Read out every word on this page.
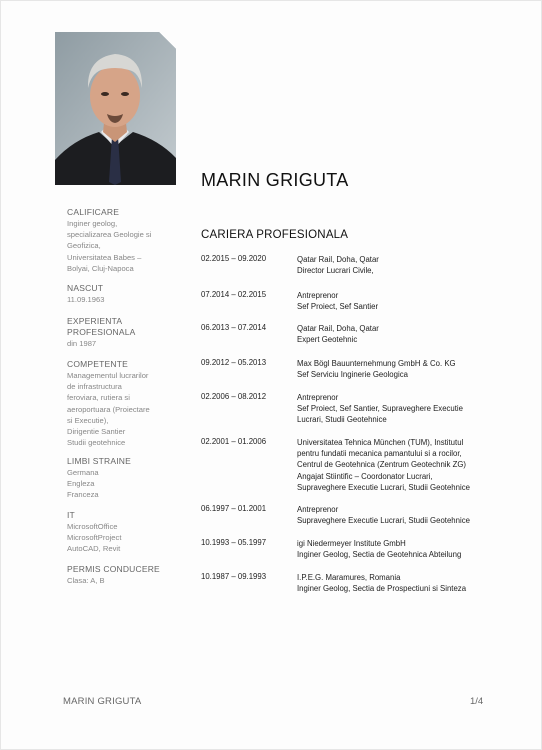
MARIN GRIGUTA
CALIFICARE
Inginer geolog,
specializarea Geologie si
Geofizica,
Universitatea Babes –
Bolyai, Cluj-Napoca
NASCUT
11.09.1963
EXPERIENTA
PROFESIONALA
din 1987
COMPETENTE
Managementul lucrarilor
de infrastructura
feroviara, rutiera si
aeroportuara (Proiectare
si Executie),
Dirigentie Santier
Studii geotehnice
LIMBI STRAINE
Germana
Engleza
Franceza
IT
MicrosoftOffice
MicrosoftProject
AutoCAD, Revit
PERMIS CONDUCERE
Clasa: A, B
CARIERA PROFESIONALA
02.2015 – 09.2020	Qatar Rail, Doha, Qatar
Director Lucrari Civile,
07.2014 – 02.2015	Antreprenor
Sef Proiect, Sef Santier
06.2013 – 07.2014	Qatar Rail, Doha, Qatar
Expert Geotehnic
09.2012 – 05.2013	Max Bögl Bauunternehmung GmbH & Co. KG
Sef Serviciu Inginerie Geologica
02.2006 – 08.2012	Antreprenor
Sef Proiect, Sef Santier, Supraveghere Executie
Lucrari, Studii Geotehnice
02.2001 – 01.2006	Universitatea Tehnica München (TUM), Institutul
pentru fundatii mecanica pamantului si a rocilor,
Centrul de Geotehnica (Zentrum Geotechnik ZG)
Angajat Stiintific – Coordonator Lucrari,
Supraveghere Executie Lucrari, Studii Geotehnice
06.1997 – 01.2001	Antreprenor
Supraveghere Executie Lucrari, Studii Geotehnice
10.1993 – 05.1997	igi Niedermeyer Institute GmbH
Inginer Geolog, Sectia de Geotehnica Abteilung
10.1987 – 09.1993	I.P.E.G. Maramures, Romania
Inginer Geolog, Sectia de Prospectiuni si Sinteza
MARIN GRIGUTA	1/4
